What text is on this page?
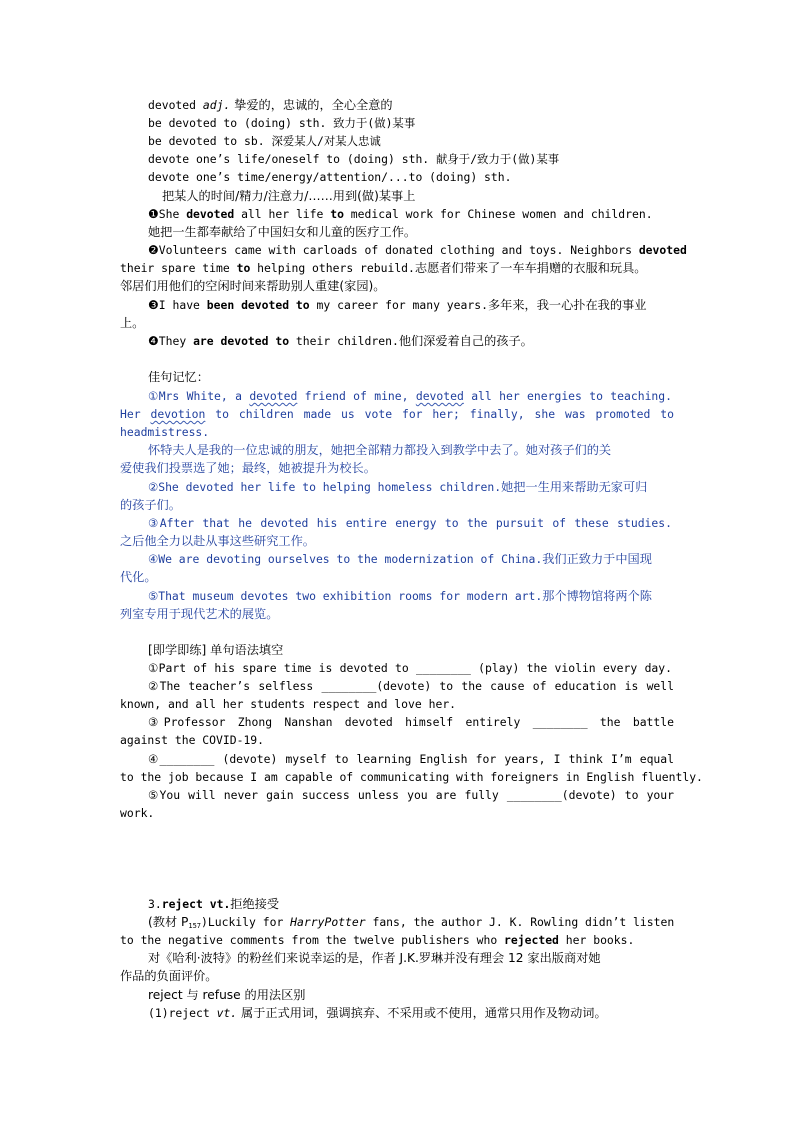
devoted adj. 挚爱的，忠诚的，全心全意的
be devoted to (doing) sth. 致力于(做)某事
be devoted to sb. 深爱某人/对某人忠诚
devote one’s life/oneself to (doing) sth. 献身于/致力于(做)某事
devote one’s time/energy/attention/...to (doing) sth.
把某人的时间/精力/注意力/……用到(做)某事上
❶She devoted all her life to medical work for Chinese women and children.
她把一生都奉献给了中国妇女和儿童的医疗工作。
❷Volunteers came with carloads of donated clothing and toys. Neighbors devoted
their spare time to helping others rebuild.志愿者们带来了一车车捐赠的衣服和玩具。
邻居们用他们的空闲时间来帮助别人重建(家园)。
❸I have been devoted to my career for many years.多年来，我一心扑在我的事业
上。
❹They are devoted to their children.他们深爱着自己的孩子。
佳句记忆：
①Mrs White, a devoted friend of mine, devoted all her energies to teaching.
Her devotion to children made us vote for her; finally, she was promoted to
headmistress.
怀特夫人是我的一位忠诚的朋友，她把全部精力都投入到教学中去了。她对孩子们的关
爱使我们投票选了她；最终，她被提升为校长。
②She devoted her life to helping homeless children.她把一生用来帮助无家可归
的孩子们。
③After that he devoted his entire energy to the pursuit of these studies.
之后他全力以赴从事这些研究工作。
④We are devoting ourselves to the modernization of China.我们正致力于中国现
代化。
⑤That museum devotes two exhibition rooms for modern art.那个博物馆将两个陈
列室专用于现代艺术的展览。
[即学即练] 单句语法填空
①Part of his spare time is devoted to ________ (play) the violin every day.
②The teacher’s selfless ________(devote) to the cause of education is well
known, and all her students respect and love her.
③Professor Zhong Nanshan devoted himself entirely ________ the battle
against the COVID-19.
④________ (devote) myself to learning English for years, I think I’m equal
to the job because I am capable of communicating with foreigners in English fluently.
⑤You will never gain success unless you are fully ________(devote) to your
work.
3.reject vt.拒绝接受
(教材 $P_{157})Luckily$ for HarryPotter fans, the author J. K. Rowling didn’t listen
to the negative comments from the twelve publishers who rejected her books.
对《哈利·波特》的粉丝们来说幸运的是，作者 J.K.罗琳并没有理会 12 家出版商对她
作品的负面评价。
reject 与 refuse 的用法区别
(1)reject vt. 属于正式用词，强调摈弃、不采用或不使用，通常只用作及物动词。
